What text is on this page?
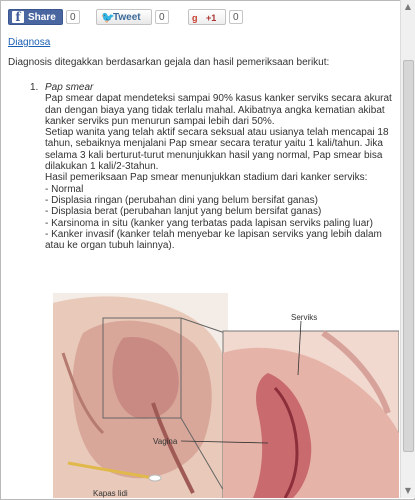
f Share	0	🐦
Tweet	0	g +1	0
Diagnosa
Diagnosis ditegakkan berdasarkan gejala dan hasil pemeriksaan berikut:
1. Pap smear

Pap smear dapat mendeteksi sampai 90% kasus kanker serviks secara akurat dan dengan biaya yang tidak terlalu mahal. Akibatnya angka kematian akibat kanker serviks pun menurun sampai lebih dari 50%.

Setiap wanita yang telah aktif secara seksual atau usianya telah mencapai 18 tahun, sebaiknya menjalani Pap smear secara teratur yaitu 1 kali/tahun. Jika selama 3 kali berturut-turut menunjukkan hasil yang normal, Pap smear bisa dilakukan 1 kali/2-3tahun.

Hasil pemeriksaan Pap smear menunjukkan stadium dari kanker serviks:

- Normal

- Displasia ringan (perubahan dini yang belum bersifat ganas)

- Displasia berat (perubahan lanjut yang belum bersifat ganas)

- Karsinoma in situ (kanker yang terbatas pada lapisan serviks paling luar)

- Kanker invasif (kanker telah menyebar ke lapisan serviks yang lebih dalam atau ke organ tubuh lainnya).

Serviks
Vagina
Kapas lidi
▲
▼
